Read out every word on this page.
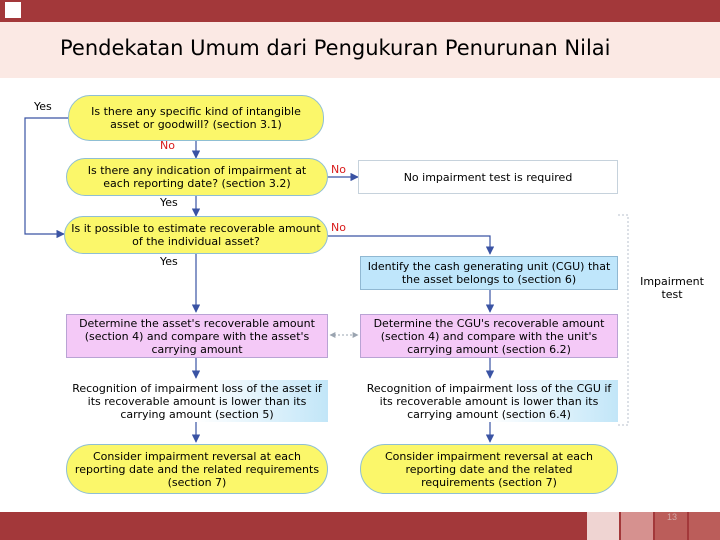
Pendekatan Umum dari Pengukuran Penurunan Nilai
Is there any specific kind of intangible asset or goodwill? (section 3.1)
Is there any indication of impairment at each reporting date? (section 3.2)
Is it possible to estimate recoverable amount of the individual asset?
No impairment test is required
Identify the cash generating unit (CGU) that the asset belongs to (section 6)
Determine the asset's recoverable amount (section 4) and compare with the asset's carrying amount
Determine the CGU's recoverable amount (section 4) and compare with the unit's carrying amount (section 6.2)
Recognition of impairment loss of the asset if its recoverable amount is lower than its carrying amount (section 5)
Recognition of impairment loss of the CGU if its recoverable amount is lower than its carrying amount (section 6.4)
Consider impairment reversal at each reporting date and the related requirements (section 7)
Consider impairment reversal at each reporting date and the related requirements (section 7)
Yes
No
No
Yes
No
Yes
Impairment test
13
